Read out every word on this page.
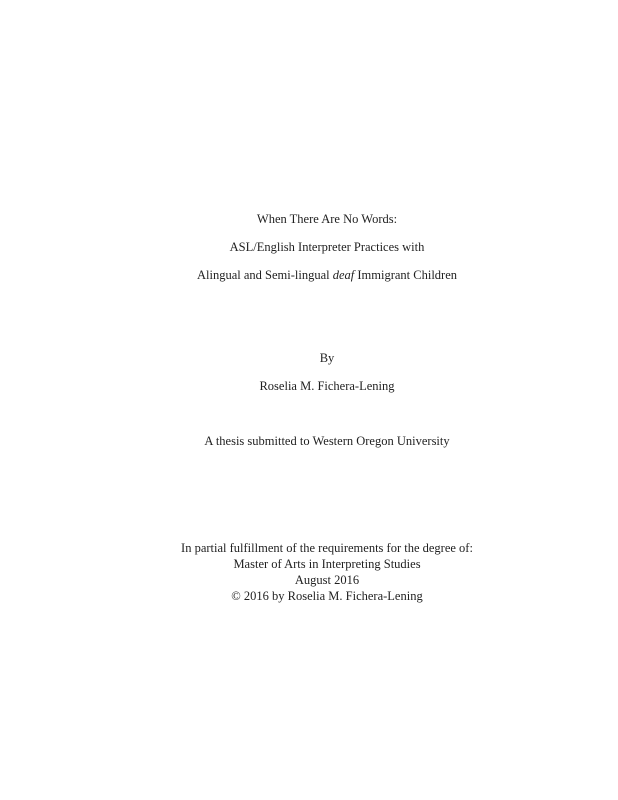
When There Are No Words:
ASL/English Interpreter Practices with
Alingual and Semi-lingual deaf Immigrant Children
By
Roselia M. Fichera-Lening
A thesis submitted to Western Oregon University
In partial fulfillment of the requirements for the degree of:
Master of Arts in Interpreting Studies
August 2016
© 2016 by Roselia M. Fichera-Lening
